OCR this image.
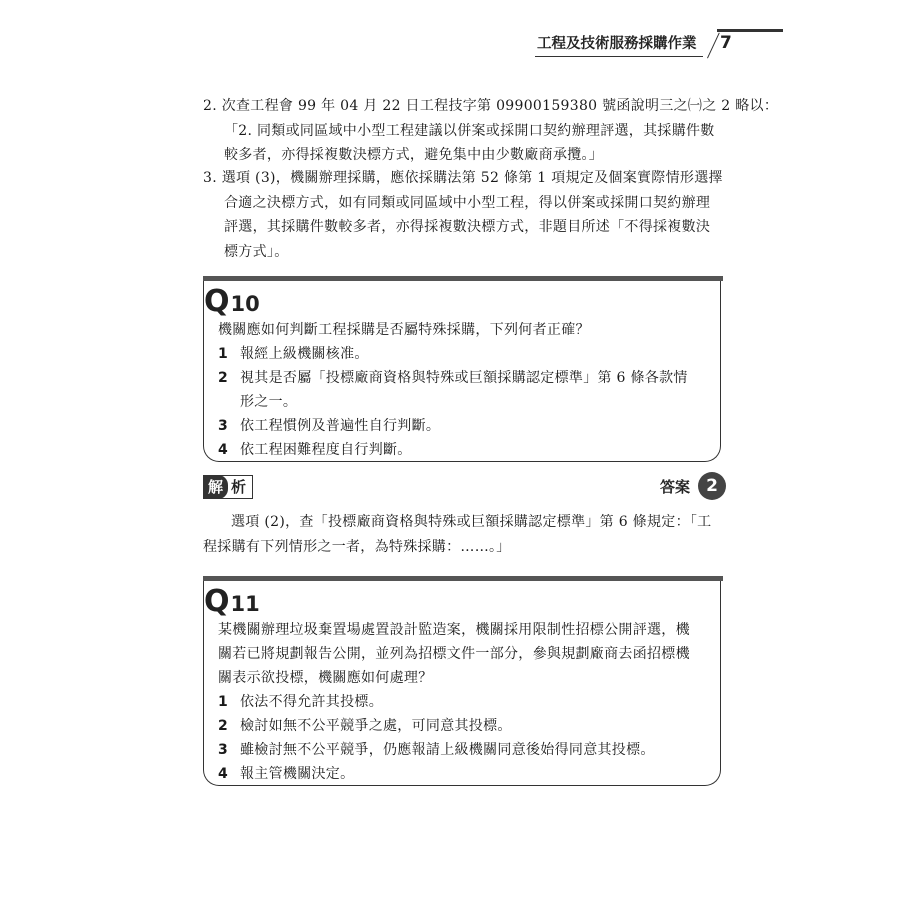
工程及技術服務採購作業 7

2. 次查工程會 99 年 04 月 22 日工程技字第 09900159380 號函說明三之㈠之 2 略以：

「2. 同類或同區域中小型工程建議以併案或採開口契約辦理評選，其採購件數

較多者，亦得採複數決標方式，避免集中由少數廠商承攬。」

3. 選項 (3)，機關辦理採購，應依採購法第 52 條第 1 項規定及個案實際情形選擇

合適之決標方式，如有同類或同區域中小型工程，得以併案或採開口契約辦理

評選，其採購件數較多者，亦得採複數決標方式，非題目所述「不得採複數決

標方式」。

Q10

機關應如何判斷工程採購是否屬特殊採購，下列何者正確？

1 報經上級機關核准。
2 視其是否屬「投標廠商資格與特殊或巨額採購認定標準」第 6 條各款情
形之一。
3 依工程慣例及普遍性自行判斷。
4 依工程困難程度自行判斷。
解 析	答案 2

選項 (2)，查「投標廠商資格與特殊或巨額採購認定標準」第 6 條規定：「工

程採購有下列情形之一者，為特殊採購：……。」

Q11

某機關辦理垃圾棄置場處置設計監造案，機關採用限制性招標公開評選，機

關若已將規劃報告公開，並列為招標文件一部分，參與規劃廠商去函招標機

關表示欲投標，機關應如何處理？

1 依法不得允許其投標。
2 檢討如無不公平競爭之處，可同意其投標。
3 雖檢討無不公平競爭，仍應報請上級機關同意後始得同意其投標。
4 報主管機關決定。
